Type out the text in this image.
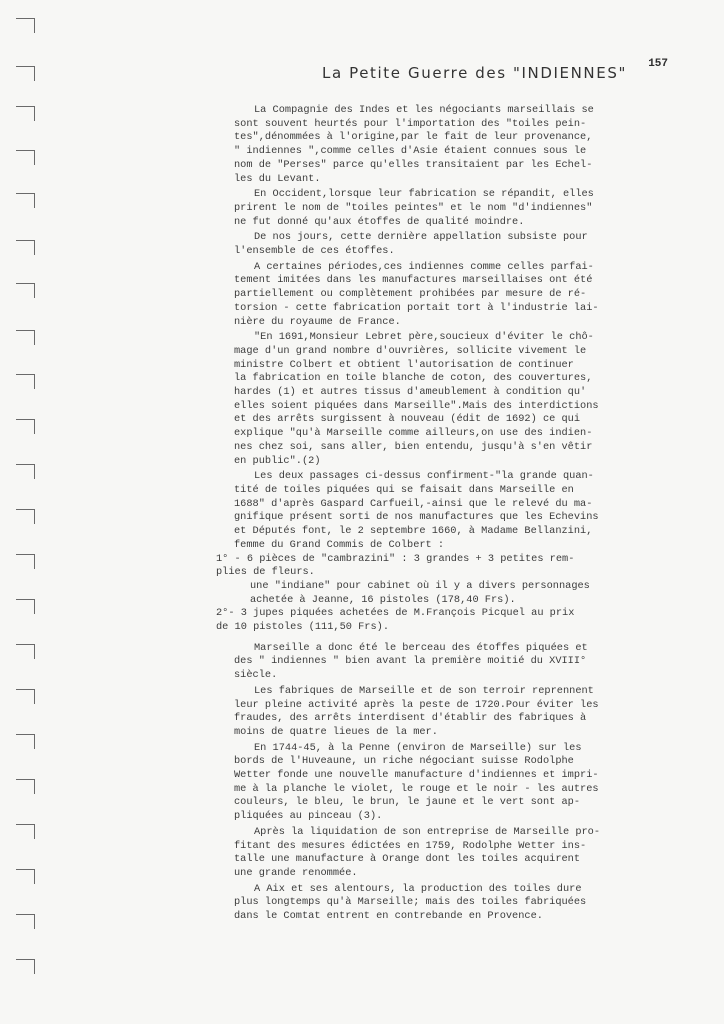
157
La Petite Guerre des "INDIENNES"

La Compagnie des Indes et les négociants marseillais se
sont souvent heurtés pour l'importation des "toiles pein-
tes",dénommées à l'origine,par le fait de leur provenance,
" indiennes ",comme celles d'Asie étaient connues sous le
nom de "Perses" parce qu'elles transitaient par les Echel-
les du Levant.

En Occident,lorsque leur fabrication se répandit, elles
prirent le nom de "toiles peintes" et le nom "d'indiennes"
ne fut donné qu'aux étoffes de qualité moindre.

De nos jours, cette dernière appellation subsiste pour
l'ensemble de ces étoffes.

A certaines périodes,ces indiennes comme celles parfai-
tement imitées dans les manufactures marseillaises ont été
partiellement ou complètement prohibées par mesure de ré-
torsion - cette fabrication portait tort à l'industrie lai-
nière du royaume de France.

"En 1691,Monsieur Lebret père,soucieux d'éviter le chô-
mage d'un grand nombre d'ouvrières, sollicite vivement le
ministre Colbert et obtient l'autorisation de continuer
la fabrication en toile blanche de coton, des couvertures,
hardes (1) et autres tissus d'ameublement à condition qu'
elles soient piquées dans Marseille".Mais des interdictions
et des arrêts surgissent à nouveau (édit de 1692) ce qui
explique "qu'à Marseille comme ailleurs,on use des indien-
nes chez soi, sans aller, bien entendu, jusqu'à s'en vêtir
en public".(2)

Les deux passages ci-dessus confirment-"la grande quan-
tité de toiles piquées qui se faisait dans Marseille en
1688" d'après Gaspard Carfueil,-ainsi que le relevé du ma-
gnifique présent sorti de nos manufactures que les Echevins
et Députés font, le 2 septembre 1660, à Madame Bellanzini,
femme du Grand Commis de Colbert :

1° - 6 pièces de "cambrazini" : 3 grandes + 3 petites rem-
plies de fleurs.
une "indiane" pour cabinet où il y a divers personnages
achetée à Jeanne, 16 pistoles (178,40 Frs).
2°- 3 jupes piquées achetées de M.François Picquel au prix
de 10 pistoles (111,50 Frs).

Marseille a donc été le berceau des étoffes piquées et
des " indiennes " bien avant la première moitié du XVIII°
siècle.

Les fabriques de Marseille et de son terroir reprennent
leur pleine activité après la peste de 1720.Pour éviter les
fraudes, des arrêts interdisent d'établir des fabriques à
moins de quatre lieues de la mer.

En 1744-45, à la Penne (environ de Marseille) sur les
bords de l'Huveaune, un riche négociant suisse Rodolphe
Wetter fonde une nouvelle manufacture d'indiennes et impri-
me à la planche le violet, le rouge et le noir - les autres
couleurs, le bleu, le brun, le jaune et le vert sont ap-
pliquées au pinceau (3).

Après la liquidation de son entreprise de Marseille pro-
fitant des mesures édictées en 1759, Rodolphe Wetter ins-
talle une manufacture à Orange dont les toiles acquirent
une grande renommée.

A Aix et ses alentours, la production des toiles dure
plus longtemps qu'à Marseille; mais des toiles fabriquées
dans le Comtat entrent en contrebande en Provence.
